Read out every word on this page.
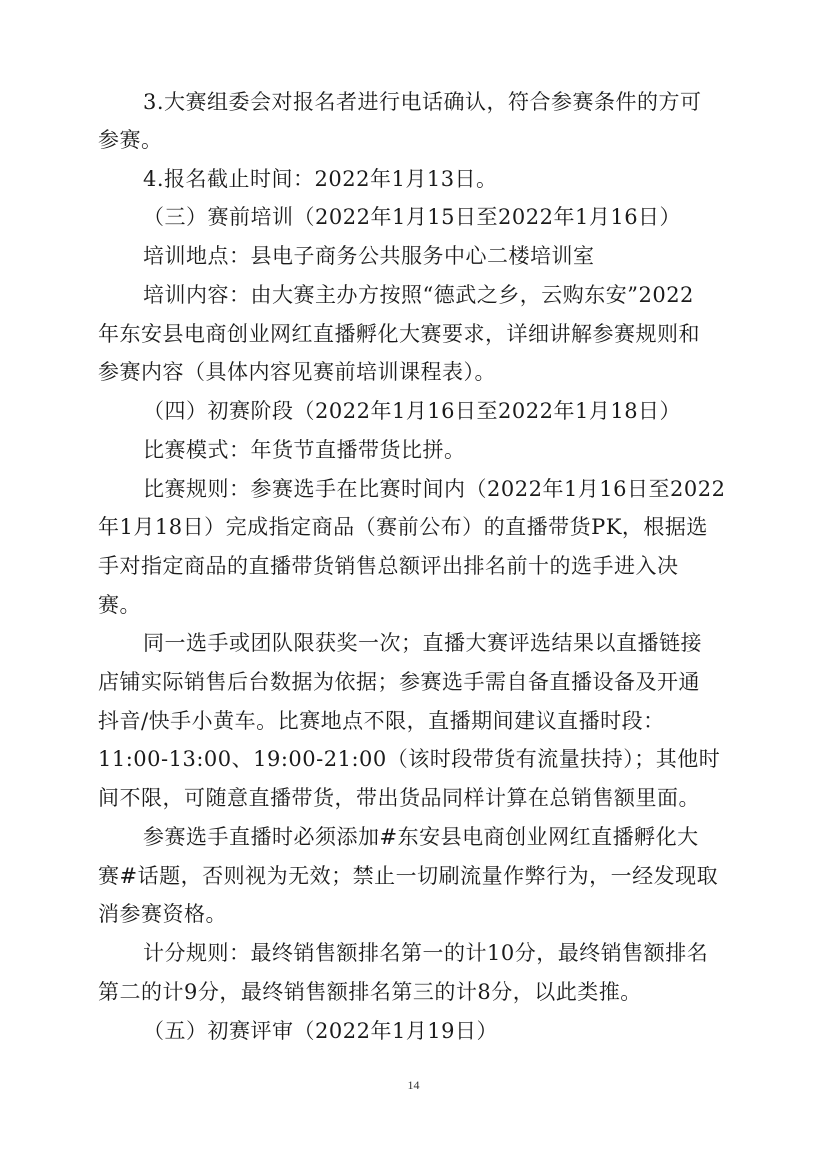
3.大赛组委会对报名者进行电话确认，符合参赛条件的方可
参赛。
4.报名截止时间：2022年1月13日。
（三）赛前培训（2022年1月15日至2022年1月16日）
培训地点：县电子商务公共服务中心二楼培训室
培训内容：由大赛主办方按照“德武之乡，云购东安”2022
年东安县电商创业网红直播孵化大赛要求，详细讲解参赛规则和
参赛内容（具体内容见赛前培训课程表）。
（四）初赛阶段（2022年1月16日至2022年1月18日）
比赛模式：年货节直播带货比拼。
比赛规则：参赛选手在比赛时间内（2022年1月16日至2022
年1月18日）完成指定商品（赛前公布）的直播带货PK，根据选
手对指定商品的直播带货销售总额评出排名前十的选手进入决
赛。
同一选手或团队限获奖一次；直播大赛评选结果以直播链接
店铺实际销售后台数据为依据；参赛选手需自备直播设备及开通
抖音/快手小黄车。比赛地点不限，直播期间建议直播时段：
11:00-13:00、19:00-21:00（该时段带货有流量扶持）；其他时
间不限，可随意直播带货，带出货品同样计算在总销售额里面。
参赛选手直播时必须添加#东安县电商创业网红直播孵化大
赛#话题，否则视为无效；禁止一切刷流量作弊行为，一经发现取
消参赛资格。
计分规则：最终销售额排名第一的计10分，最终销售额排名
第二的计9分，最终销售额排名第三的计8分，以此类推。
（五）初赛评审（2022年1月19日）
14
